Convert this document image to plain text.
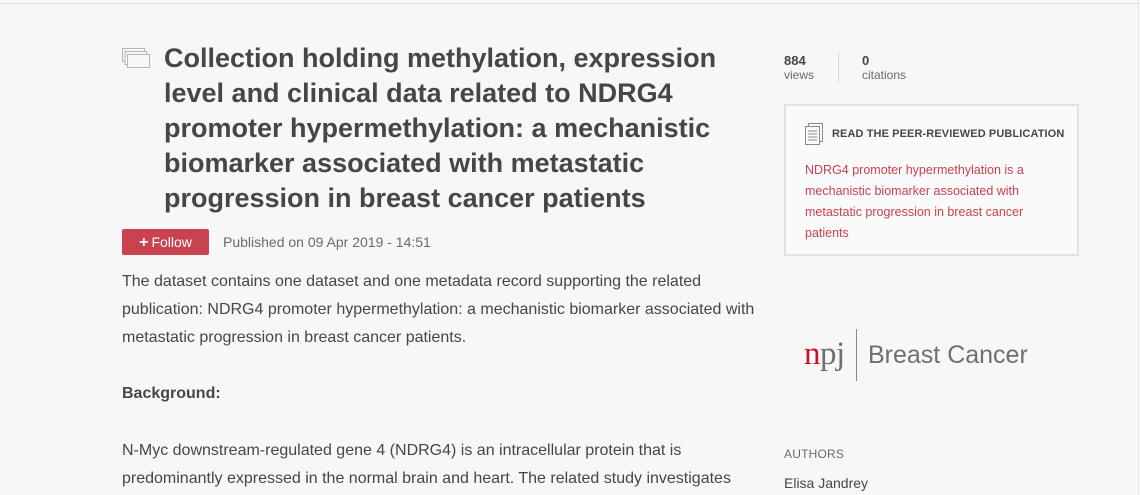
Collection holding methylation, expression level and clinical data related to NDRG4 promoter hypermethylation: a mechanistic biomarker associated with metastatic progression in breast cancer patients
+ Follow	Published on 09 Apr 2019 - 14:51

The dataset contains one dataset and one metadata record supporting the related publication: NDRG4 promoter hypermethylation: a mechanistic biomarker associated with metastatic progression in breast cancer patients.

Background:

N-Myc downstream-regulated gene 4 (NDRG4) is an intracellular protein that is predominantly expressed in the normal brain and heart. The related study investigates

884
views
0
citations
READ THE PEER-REVIEWED PUBLICATION
NDRG4 promoter hypermethylation is a mechanistic biomarker associated with metastatic progression in breast cancer patients
npj Breast Cancer
AUTHORS
Elisa Jandrey
